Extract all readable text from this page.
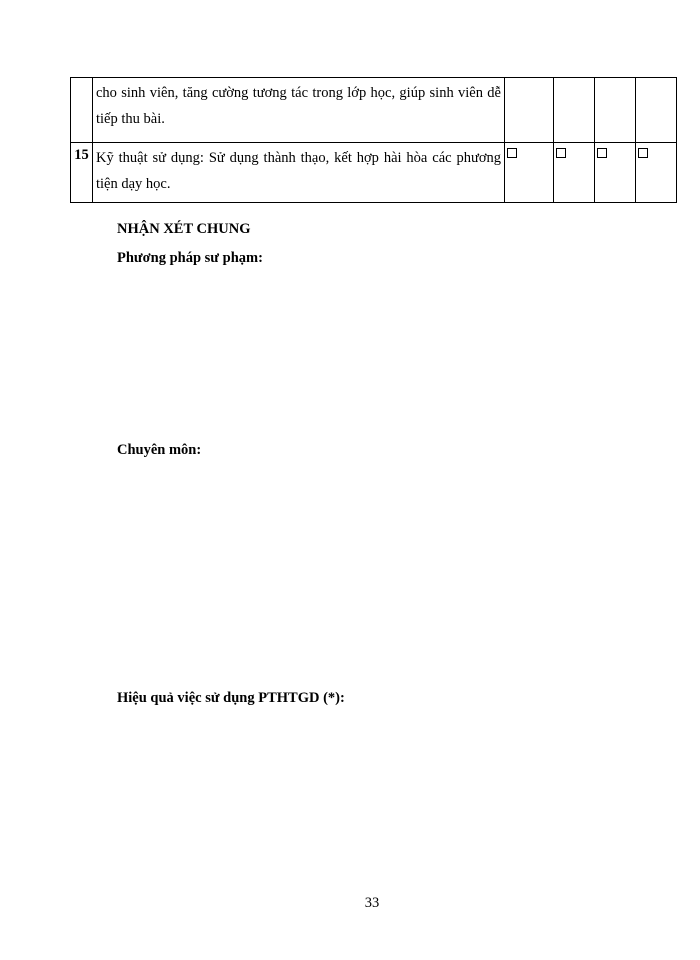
	cho sinh viên, tăng cường tương tác trong lớp học, giúp sinh viên dễ tiếp thu bài.				

15	Kỹ thuật sử dụng: Sử dụng thành thạo, kết hợp hài hòa các phương tiện dạy học.				

NHẬN XÉT CHUNG
Phương pháp sư phạm:
Chuyên môn:
Hiệu quả việc sử dụng PTHTGD (*):
33
